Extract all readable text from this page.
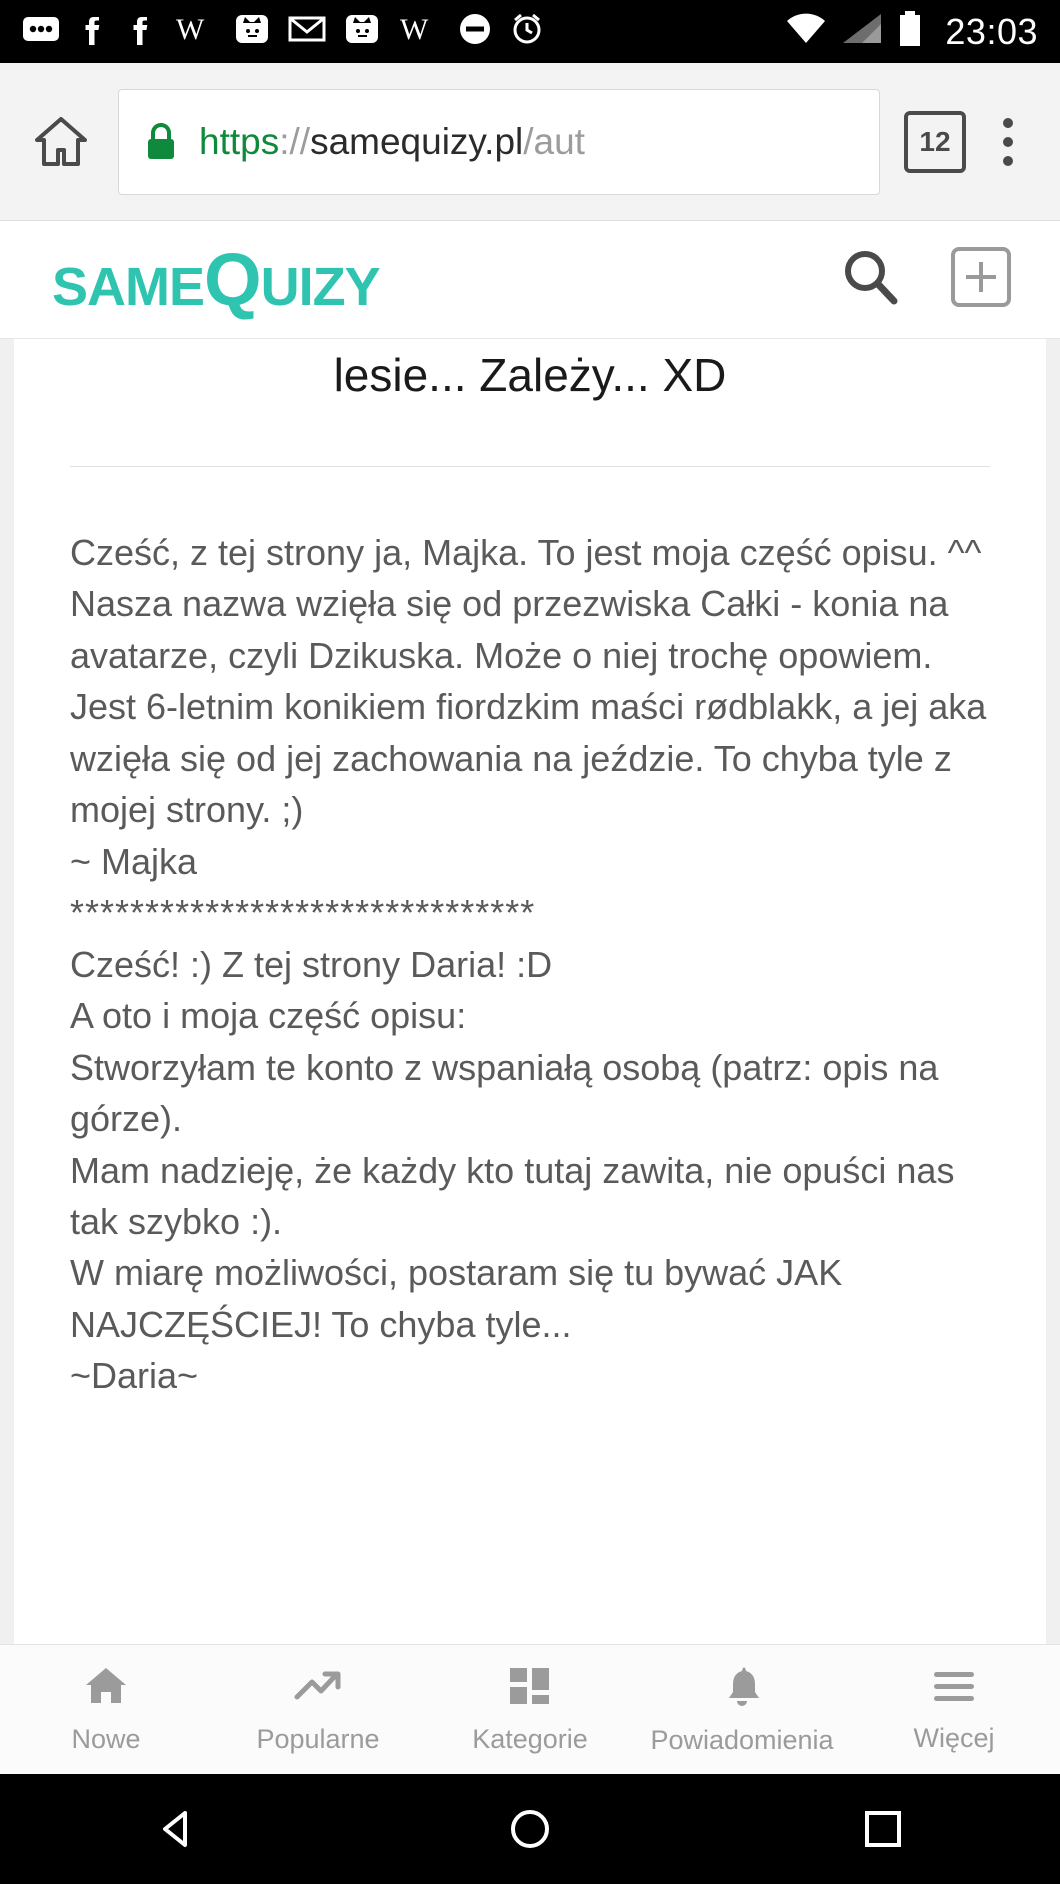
W	W	23:03
https://samequizy.pl/aut	12
SAMEQUIZY
lesie... Zależy... XD

Cześć, z tej strony ja, Majka. To jest moja część opisu. ^^

Nasza nazwa wzięła się od przezwiska Całki - konia na avatarze, czyli Dzikuska. Może o niej trochę opowiem. Jest 6-letnim konikiem fiordzkim maści rødblakk, a jej aka wzięła się od jej zachowania na jeździe. To chyba tyle z mojej strony. ;)

~ Majka

*******************************

Cześć! :) Z tej strony Daria! :D

A oto i moja część opisu:

Stworzyłam te konto z wspaniałą osobą (patrz: opis na górze).

Mam nadzieję, że każdy kto tutaj zawita, nie opuści nas tak szybko :).

W miarę możliwości, postaram się tu bywać JAK NAJCZĘŚCIEJ! To chyba tyle...

~Daria~

Nowe	Popularne	Kategorie Powiadomienia	Więcej
